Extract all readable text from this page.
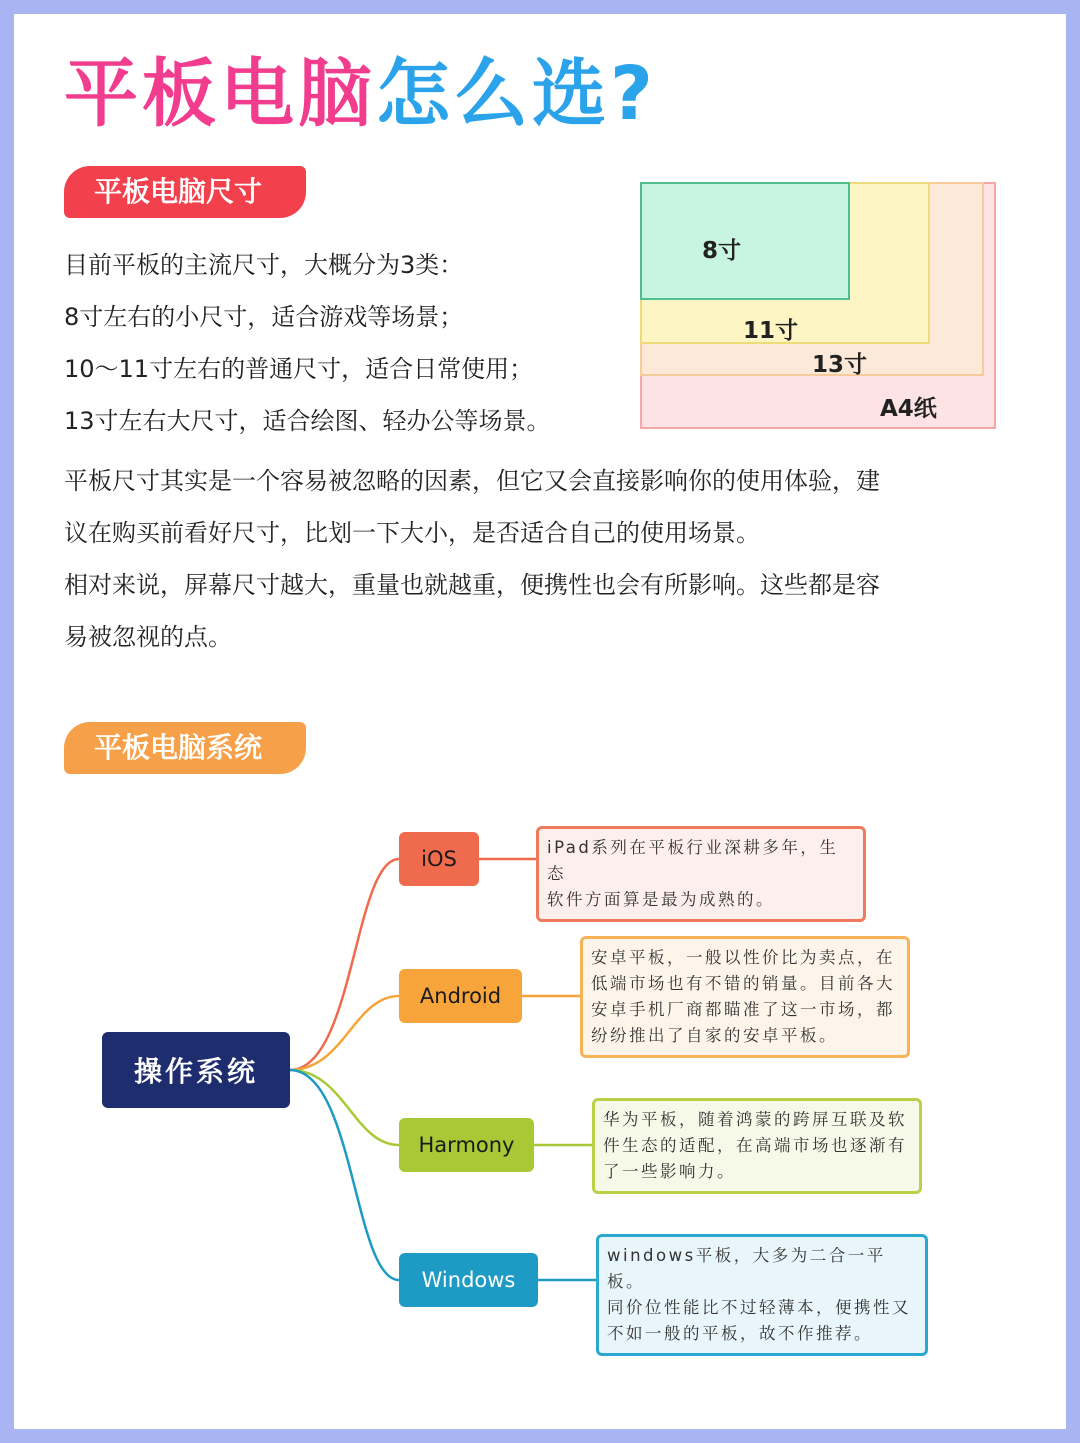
平板电脑怎么选?
平板电脑尺寸
目前平板的主流尺寸，大概分为3类：
8寸左右的小尺寸，适合游戏等场景；
10～11寸左右的普通尺寸，适合日常使用；
13寸左右大尺寸，适合绘图、轻办公等场景。
8寸
11寸
13寸
A4纸
平板尺寸其实是一个容易被忽略的因素，但它又会直接影响你的使用体验，建
议在购买前看好尺寸，比划一下大小，是否适合自己的使用场景。
相对来说，屏幕尺寸越大，重量也就越重，便携性也会有所影响。这些都是容
易被忽视的点。
平板电脑系统
操作系统
iOS
Android
Harmony
Windows
iPad系列在平板行业深耕多年，生态
软件方面算是最为成熟的。
安卓平板，一般以性价比为卖点，在
低端市场也有不错的销量。目前各大
安卓手机厂商都瞄准了这一市场，都
纷纷推出了自家的安卓平板。
华为平板，随着鸿蒙的跨屏互联及软
件生态的适配，在高端市场也逐渐有
了一些影响力。
windows平板，大多为二合一平板。
同价位性能比不过轻薄本，便携性又
不如一般的平板，故不作推荐。
